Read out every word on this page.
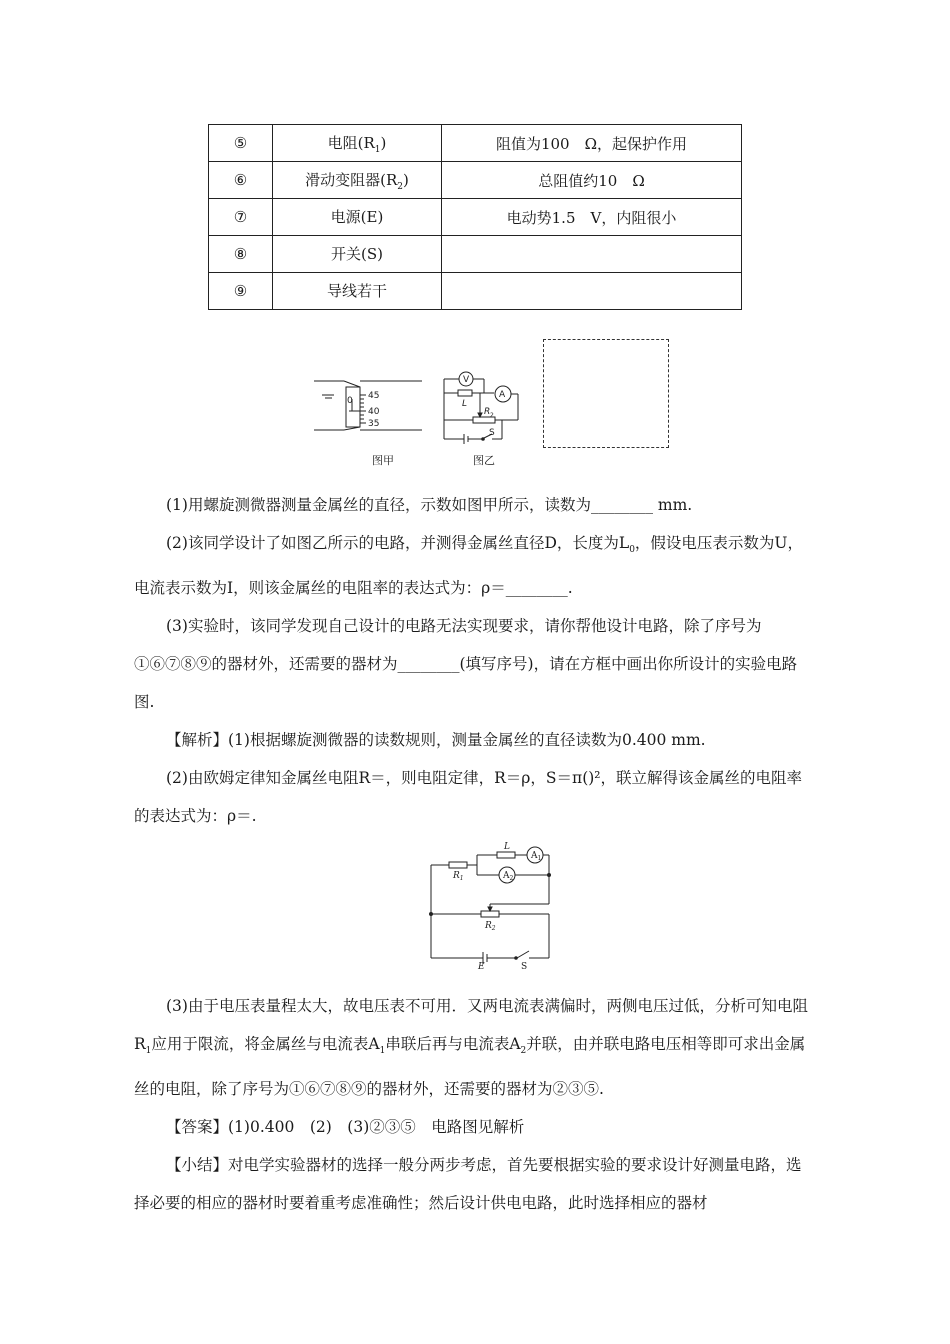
⑤	电阻$(R_1)$	阻值为100　Ω，起保护作用
⑥	滑动变阻器$(R_2)$	总阻值约10　Ω
⑦	电源(E)	电动势1.5　V，内阻很小
⑧	开关(S)	
⑨	导线若干	
0 45
40
35
图甲
V
A
L
R 2
S
图乙

(1)用螺旋测微器测量金属丝的直径，示数如图甲所示，读数为________ mm.

(2)该同学设计了如图乙所示的电路，并测得金属丝直径D，长度为$L_0$，假设电压表示数为U，电流表示数为I，则该金属丝的电阻率的表达式为：ρ＝________.

(3)实验时，该同学发现自己设计的电路无法实现要求，请你帮他设计电路，除了序号为①⑥⑦⑧⑨的器材外，还需要的器材为________(填写序号)，请在方框中画出你所设计的实验电路图.

【解析】(1)根据螺旋测微器的读数规则，测量金属丝的直径读数为0.400 mm.

(2)由欧姆定律知金属丝电阻R＝，则电阻定律，R＝ρ，S＝π()²，联立解得该金属丝的电阻率的表达式为：ρ＝.

L
$A_1$
$A_2$
$R_1$
$R_2$
E	S

(3)由于电压表量程太大，故电压表不可用．又两电流表满偏时，两侧电压过低，分析可知电阻$R_1$应用于限流，将金属丝与电流表$A_1$串联后再与电流表$A_2$并联，由并联电路电压相等即可求出金属丝的电阻，除了序号为①⑥⑦⑧⑨的器材外，还需要的器材为②③⑤.

【答案】(1)0.400　(2)　(3)②③⑤　电路图见解析

【小结】对电学实验器材的选择一般分两步考虑，首先要根据实验的要求设计好测量电路，选择必要的相应的器材时要着重考虑准确性；然后设计供电电路，此时选择相应的器材
